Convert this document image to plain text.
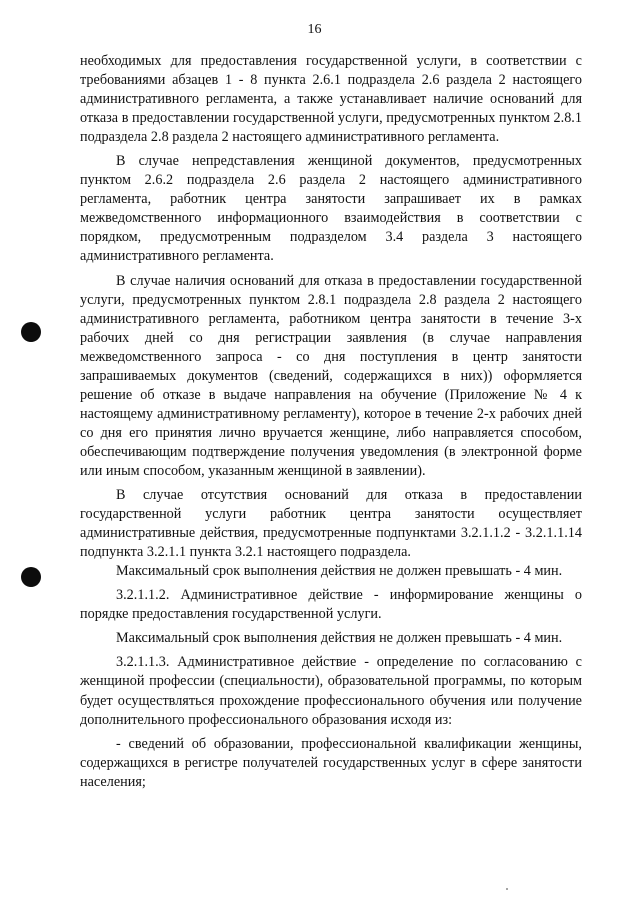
16

необходимых для предоставления государственной услуги, в соответствии с требованиями абзацев 1 - 8 пункта 2.6.1 подраздела 2.6 раздела 2 настоящего административного регламента, а также устанавливает наличие оснований для отказа в предоставлении государственной услуги, предусмотренных пунктом 2.8.1 подраздела 2.8 раздела 2 настоящего административного регламента.

В случае непредставления женщиной документов, предусмотренных пунктом 2.6.2 подраздела 2.6 раздела 2 настоящего административного регламента, работник центра занятости запрашивает их в рамках межведомственного информационного взаимодействия в соответствии с порядком, предусмотренным подразделом 3.4 раздела 3 настоящего административного регламента.

В случае наличия оснований для отказа в предоставлении государственной услуги, предусмотренных пунктом 2.8.1 подраздела 2.8 раздела 2 настоящего административного регламента, работником центра занятости в течение 3-х рабочих дней со дня регистрации заявления (в случае направления межведомственного запроса - со дня поступления в центр занятости запрашиваемых документов (сведений, содержащихся в них)) оформляется решение об отказе в выдаче направления на обучение (Приложение № 4 к настоящему административному регламенту), которое в течение 2-х рабочих дней со дня его принятия лично вручается женщине, либо направляется способом, обеспечивающим подтверждение получения уведомления (в электронной форме или иным способом, указанным женщиной в заявлении).

В случае отсутствия оснований для отказа в предоставлении государственной услуги работник центра занятости осуществляет административные действия, предусмотренные подпунктами 3.2.1.1.2 - 3.2.1.1.14 подпункта 3.2.1.1 пункта 3.2.1 настоящего подраздела.

Максимальный срок выполнения действия не должен превышать - 4 мин.

3.2.1.1.2. Административное действие - информирование женщины о порядке предоставления государственной услуги.

Максимальный срок выполнения действия не должен превышать - 4 мин.

3.2.1.1.3. Административное действие - определение по согласованию с женщиной профессии (специальности), образовательной программы, по которым будет осуществляться прохождение профессионального обучения или получение дополнительного профессионального образования исходя из:

- сведений об образовании, профессиональной квалификации женщины, содержащихся в регистре получателей государственных услуг в сфере занятости населения;
